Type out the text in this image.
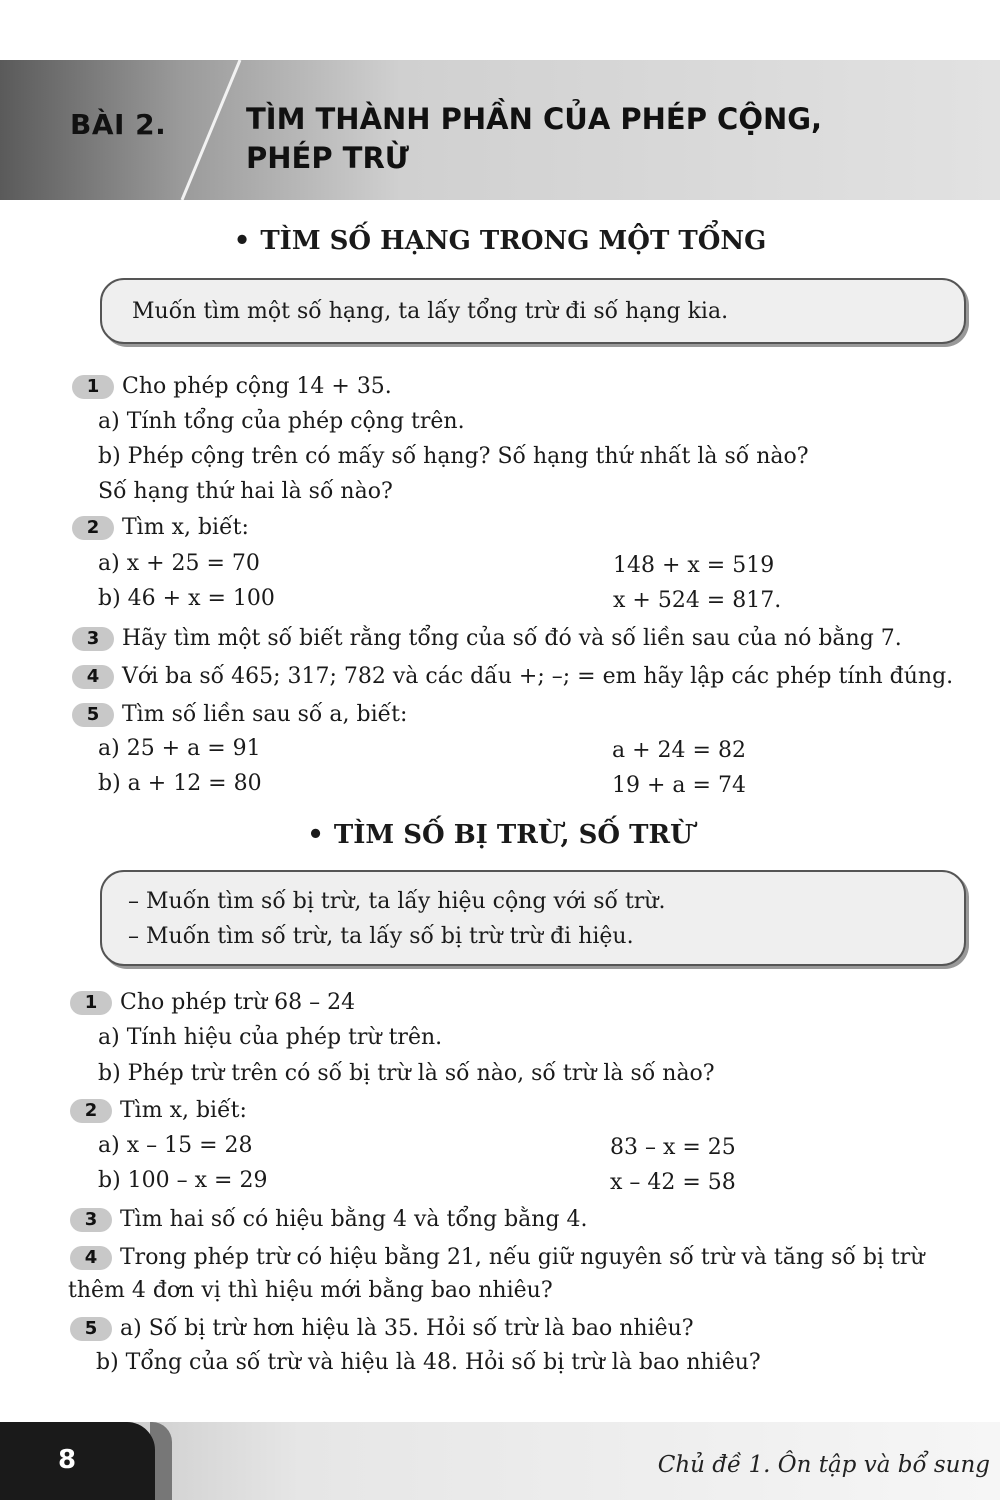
BÀI 2.	TÌM THÀNH PHẦN CỦA PHÉP CỘNG,
PHÉP TRỪ
• TÌM SỐ HẠNG TRONG MỘT TỔNG
Muốn tìm một số hạng, ta lấy tổng trừ đi số hạng kia.
1 Cho phép cộng 14 + 35.
a) Tính tổng của phép cộng trên.
b) Phép cộng trên có mấy số hạng? Số hạng thứ nhất là số nào?
Số hạng thứ hai là số nào?
2 Tìm x, biết:
a) x + 25 = 70	148 + x = 519
b) 46 + x = 100	x + 524 = 817.
3 Hãy tìm một số biết rằng tổng của số đó và số liền sau của nó bằng 7.
4 Với ba số 465; 317; 782 và các dấu +; –; = em hãy lập các phép tính đúng.
5 Tìm số liền sau số a, biết:
a) 25 + a = 91	a + 24 = 82
b) a + 12 = 80	19 + a = 74
• TÌM SỐ BỊ TRỪ, SỐ TRỪ
– Muốn tìm số bị trừ, ta lấy hiệu cộng với số trừ.
– Muốn tìm số trừ, ta lấy số bị trừ trừ đi hiệu.
1 Cho phép trừ 68 – 24
a) Tính hiệu của phép trừ trên.
b) Phép trừ trên có số bị trừ là số nào, số trừ là số nào?
2 Tìm x, biết:
a) x – 15 = 28	83 – x = 25
b) 100 – x = 29	x – 42 = 58
3 Tìm hai số có hiệu bằng 4 và tổng bằng 4.
4 Trong phép trừ có hiệu bằng 21, nếu giữ nguyên số trừ và tăng số bị trừ
thêm 4 đơn vị thì hiệu mới bằng bao nhiêu?
5 a) Số bị trừ hơn hiệu là 35. Hỏi số trừ là bao nhiêu?
b) Tổng của số trừ và hiệu là 48. Hỏi số bị trừ là bao nhiêu?
8	Chủ đề 1. Ôn tập và bổ sung
